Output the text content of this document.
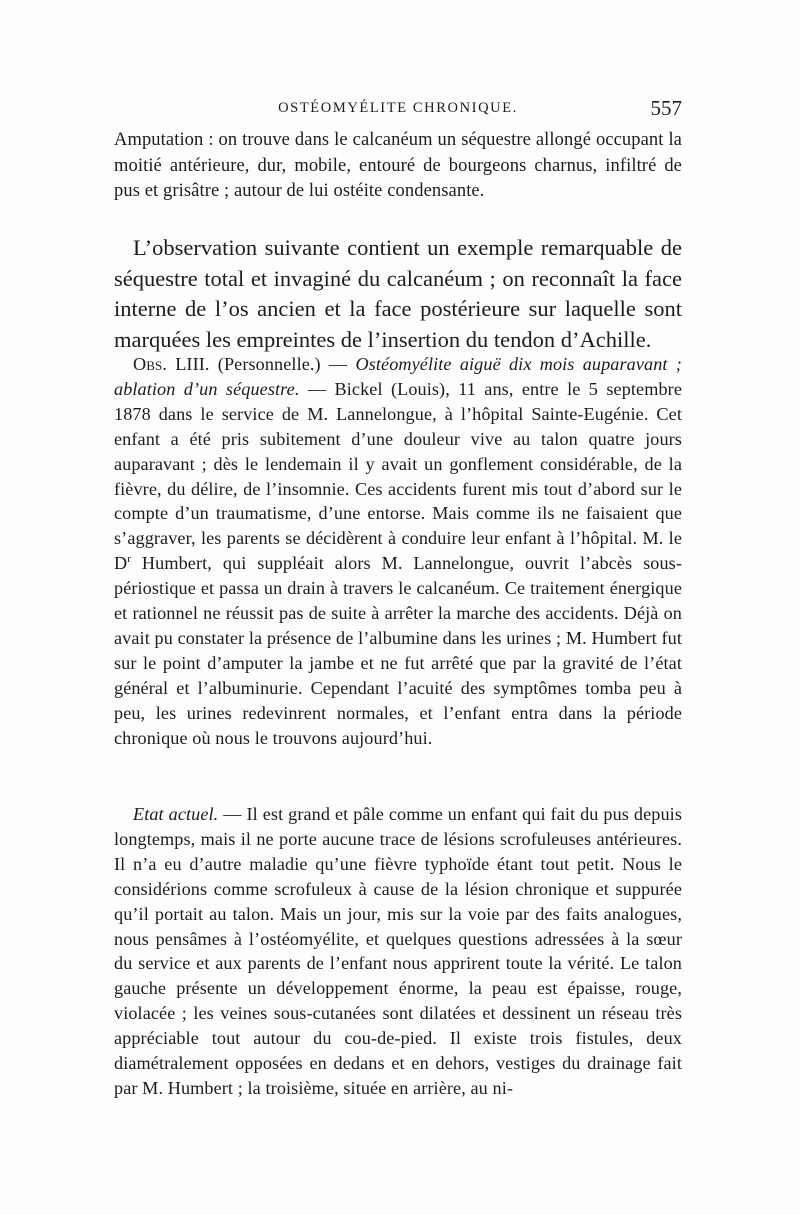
OSTÉOMYÉLITE CHRONIQUE.	557

Amputation : on trouve dans le calcanéum un séquestre allongé occupant la moitié antérieure, dur, mobile, entouré de bourgeons charnus, infiltré de pus et grisâtre ; autour de lui ostéite condensante.

L’observation suivante contient un exemple remarquable de séquestre total et invaginé du calcanéum ; on reconnaît la face interne de l’os ancien et la face postérieure sur laquelle sont marquées les empreintes de l’insertion du tendon d’Achille.

Obs. LIII. (Personnelle.) — Ostéomyélite aiguë dix mois auparavant ; ablation d’un séquestre. — Bickel (Louis), 11 ans, entre le 5 septembre 1878 dans le service de M. Lannelongue, à l’hôpital Sainte-Eugénie. Cet enfant a été pris subitement d’une douleur vive au talon quatre jours auparavant ; dès le lendemain il y avait un gonflement considérable, de la fièvre, du délire, de l’insomnie. Ces accidents furent mis tout d’abord sur le compte d’un traumatisme, d’une entorse. Mais comme ils ne faisaient que s’aggraver, les parents se décidèrent à conduire leur enfant à l’hôpital. M. le $D^r$ Humbert, qui suppléait alors M. Lannelongue, ouvrit l’abcès sous-périostique et passa un drain à travers le calcanéum. Ce traitement énergique et rationnel ne réussit pas de suite à arrêter la marche des accidents. Déjà on avait pu constater la présence de l’albumine dans les urines ; M. Humbert fut sur le point d’amputer la jambe et ne fut arrêté que par la gravité de l’état général et l’albuminurie. Cependant l’acuité des symptômes tomba peu à peu, les urines redevinrent normales, et l’enfant entra dans la période chronique où nous le trouvons aujourd’hui.

Etat actuel. — Il est grand et pâle comme un enfant qui fait du pus depuis longtemps, mais il ne porte aucune trace de lésions scrofuleuses antérieures. Il n’a eu d’autre maladie qu’une fièvre typhoïde étant tout petit. Nous le considérions comme scrofuleux à cause de la lésion chronique et suppurée qu’il portait au talon. Mais un jour, mis sur la voie par des faits analogues, nous pensâmes à l’ostéomyélite, et quelques questions adressées à la sœur du service et aux parents de l’enfant nous apprirent toute la vérité. Le talon gauche présente un développement énorme, la peau est épaisse, rouge, violacée ; les veines sous-cutanées sont dilatées et dessinent un réseau très appréciable tout autour du cou-de-pied. Il existe trois fistules, deux diamétralement opposées en dedans et en dehors, vestiges du drainage fait par M. Humbert ; la troisième, située en arrière, au ni-
